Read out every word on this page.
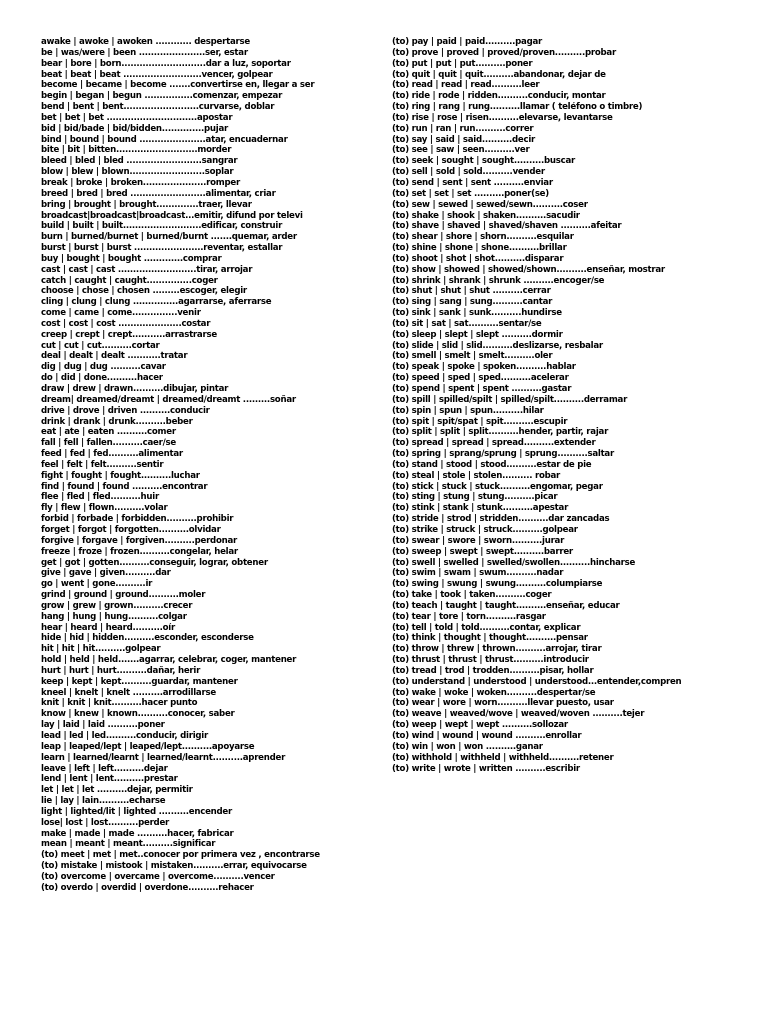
awake | awoke | awoken ............ despertarse
be | was/were | been ......................ser, estar
bear | bore | born............................dar a luz, soportar
beat | beat | beat ..........................vencer, golpear
become | became | become .......convertirse en, llegar a ser
begin | began | begun ................comenzar, empezar
bend | bent | bent.........................curvarse, doblar
bet | bet | bet ..............................apostar
bid | bid/bade | bid/bidden..............pujar
bind | bound | bound ......................atar, encuadernar
bite | bit | bitten...........................morder
bleed | bled | bled .........................sangrar
blow | blew | blown.........................soplar
break | broke | broken.....................romper
breed | bred | bred .........................alimentar, criar
bring | brought | brought..............traer, llevar
broadcast|broadcast|broadcast...emitir, difund por televi
build | built | built..........................edificar, construir
burn | burned/burnet | burned/burnt .......quemar, arder
burst | burst | burst .......................reventar, estallar
buy | bought | bought .............comprar
cast | cast | cast ..........................tirar, arrojar
catch | caught | caught...............coger
choose | chose | chosen .........escoger, elegir
cling | clung | clung ...............agarrarse, aferrarse
come | came | come...............venir
cost | cost | cost .....................costar
creep | crept | crept...........arrastrarse
cut | cut | cut..........cortar
deal | dealt | dealt ...........tratar
dig | dug | dug ..........cavar
do | did | done..........hacer
draw | drew | drawn..........dibujar, pintar
dream| dreamed/dreamt | dreamed/dreamt .........soñar
drive | drove | driven ..........conducir
drink | drank | drunk..........beber
eat | ate | eaten ..........comer
fall | fell | fallen..........caer/se
feed | fed | fed..........alimentar
feel | felt | felt..........sentir
fight | fought | fought..........luchar
find | found | found ..........encontrar
flee | fled | fled..........huir
fly | flew | flown..........volar
forbid | forbade | forbidden..........prohibir
forget | forgot | forgotten..........olvidar
forgive | forgave | forgiven..........perdonar
freeze | froze | frozen..........congelar, helar
get | got | gotten..........conseguir, lograr, obtener
give | gave | given..........dar
go | went | gone..........ir
grind | ground | ground..........moler
grow | grew | grown..........crecer
hang | hung | hung..........colgar
hear | heard | heard..........oír
hide | hid | hidden..........esconder, esconderse
hit | hit | hit..........golpear
hold | held | held.......agarrar, celebrar, coger, mantener
hurt | hurt | hurt..........dañar, herir
keep | kept | kept..........guardar, mantener
kneel | knelt | knelt ..........arrodillarse
knit | knit | knit..........hacer punto
know | knew | known..........conocer, saber
lay | laid | laid ..........poner
lead | led | led..........conducir, dirigir
leap | leaped/lept | leaped/lept..........apoyarse
learn | learned/learnt | learned/learnt..........aprender
leave | left | left..........dejar
lend | lent | lent..........prestar
let | let | let ..........dejar, permitir
lie | lay | lain..........echarse
light | lighted/lit | lighted ..........encender
lose| lost | lost..........perder
make | made | made ..........hacer, fabricar
mean | meant | meant..........significar
(to) meet | met | met..conocer por primera vez , encontrarse
(to) mistake | mistook | mistaken..........errar, equivocarse
(to) overcome | overcame | overcome..........vencer
(to) overdo | overdid | overdone..........rehacer
(to) pay | paid | paid..........pagar
(to) prove | proved | proved/proven..........probar
(to) put | put | put..........poner
(to) quit | quit | quit..........abandonar, dejar de
(to) read | read | read..........leer
(to) ride | rode | ridden..........conducir, montar
(to) ring | rang | rung..........llamar ( teléfono o timbre)
(to) rise | rose | risen..........elevarse, levantarse
(to) run | ran | run..........correr
(to) say | said | said..........decir
(to) see | saw | seen..........ver
(to) seek | sought | sought..........buscar
(to) sell | sold | sold..........vender
(to) send | sent | sent ..........enviar
(to) set | set | set ..........poner(se)
(to) sew | sewed | sewed/sewn..........coser
(to) shake | shook | shaken..........sacudir
(to) shave | shaved | shaved/shaven ..........afeitar
(to) shear | shore | shorn..........esquilar
(to) shine | shone | shone..........brillar
(to) shoot | shot | shot..........disparar
(to) show | showed | showed/shown..........enseñar, mostrar
(to) shrink | shrank | shrunk ..........encoger/se
(to) shut | shut | shut ..........cerrar
(to) sing | sang | sung..........cantar
(to) sink | sank | sunk..........hundirse
(to) sit | sat | sat..........sentar/se
(to) sleep | slept | slept ..........dormir
(to) slide | slid | slid..........deslizarse, resbalar
(to) smell | smelt | smelt..........oler
(to) speak | spoke | spoken..........hablar
(to) speed | sped | sped..........acelerar
(to) spend | spent | spent ..........gastar
(to) spill | spilled/spilt | spilled/spilt..........derramar
(to) spin | spun | spun..........hilar
(to) spit | spit/spat | spit..........escupir
(to) split | split | split..........hender, partir, rajar
(to) spread | spread | spread..........extender
(to) spring | sprang/sprung | sprung..........saltar
(to) stand | stood | stood..........estar de pie
(to) steal | stole | stolen.......... robar
(to) stick | stuck | stuck..........engomar, pegar
(to) sting | stung | stung..........picar
(to) stink | stank | stunk..........apestar
(to) stride | strod | stridden..........dar zancadas
(to) strike | struck | struck..........golpear
(to) swear | swore | sworn..........jurar
(to) sweep | swept | swept..........barrer
(to) swell | swelled | swelled/swollen..........hincharse
(to) swim | swam | swum..........nadar
(to) swing | swung | swung..........columpiarse
(to) take | took | taken..........coger
(to) teach | taught | taught..........enseñar, educar
(to) tear | tore | torn..........rasgar
(to) tell | told | told..........contar, explicar
(to) think | thought | thought..........pensar
(to) throw | threw | thrown..........arrojar, tirar
(to) thrust | thrust | thrust..........introducir
(to) tread | trod | trodden..........pisar, hollar
(to) understand | understood | understood...entender,compren
(to) wake | woke | woken..........despertar/se
(to) wear | wore | worn..........llevar puesto, usar
(to) weave | weaved/wove | weaved/woven ..........tejer
(to) weep | wept | wept ..........sollozar
(to) wind | wound | wound ..........enrollar
(to) win | won | won ..........ganar
(to) withhold | withheld | withheld..........retener
(to) write | wrote | written ..........escribir
